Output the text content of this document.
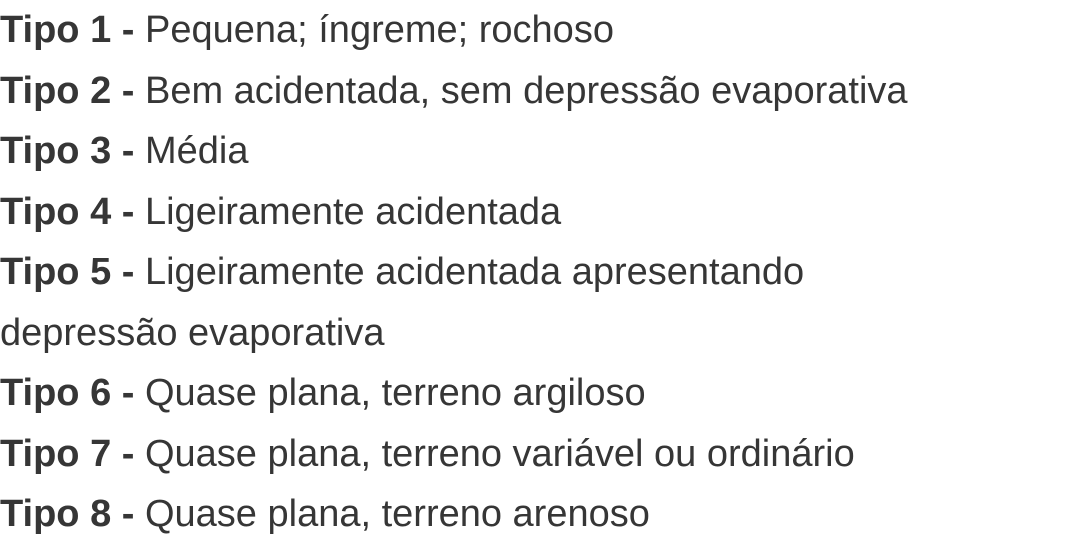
Tipo 1 - Pequena; íngreme; rochoso
Tipo 2 - Bem acidentada, sem depressão evaporativa
Tipo 3 - Média
Tipo 4 - Ligeiramente acidentada
Tipo 5 - Ligeiramente acidentada apresentando
depressão evaporativa
Tipo 6 - Quase plana, terreno argiloso
Tipo 7 - Quase plana, terreno variável ou ordinário
Tipo 8 - Quase plana, terreno arenoso
